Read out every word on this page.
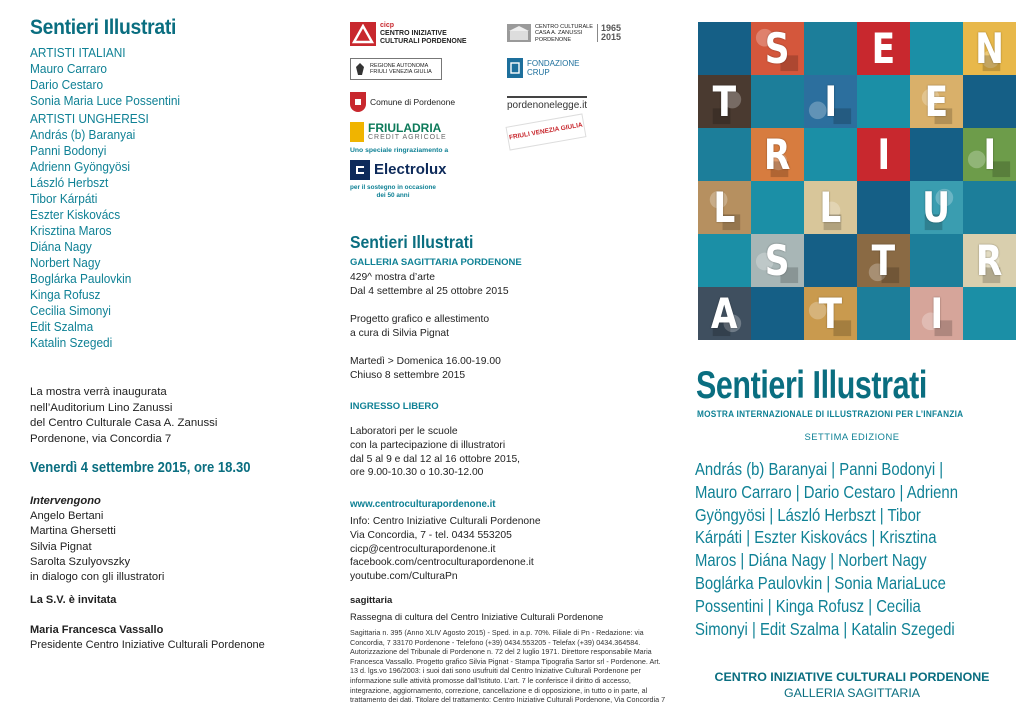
Sentieri Illustrati
ARTISTI ITALIANI
Mauro Carraro
Dario Cestaro
Sonia Maria Luce Possentini
ARTISTI UNGHERESI
András (b) Baranyai
Panni Bodonyi
Adrienn Gyöngyösi
László Herbszt
Tibor Kárpáti
Eszter Kiskovács
Krisztina Maros
Diána Nagy
Norbert Nagy
Boglárka Paulovkin
Kinga Rofusz
Cecilia Simonyi
Edit Szalma
Katalin Szegedi
La mostra verrà inaugurata
nell’Auditorium Lino Zanussi
del Centro Culturale Casa A. Zanussi
Pordenone, via Concordia 7
Venerdì 4 settembre 2015, ore 18.30
Intervengono
Angelo Bertani
Martina Ghersetti
Silvia Pignat
Sarolta Szulyovszky
in dialogo con gli illustratori
La S.V. è invitata
Maria Francesca Vassallo
Presidente Centro Iniziative Culturali Pordenone
cicp
CENTRO INIZIATIVE
CULTURALI PORDENONE
CENTRO CULTURALE
CASA A. ZANUSSI
PORDENONE
1965
2015
REGIONE AUTONOMA
FRIULI VENEZIA GIULIA
FONDAZIONE
CRUP
Comune di Pordenone	pordenonelegge.it
FRIULADRIA
CREDIT AGRICOLE	FRIULI VENEZIA GIULIA
Uno speciale ringraziamento a
Electrolux
per il sostegno in occasione
dei 50 anni
Sentieri Illustrati
GALLERIA SAGITTARIA PORDENONE
429^ mostra d’arte
Dal 4 settembre al 25 ottobre 2015
Progetto grafico e allestimento
a cura di Silvia Pignat
Martedì > Domenica 16.00-19.00
Chiuso 8 settembre 2015
INGRESSO LIBERO
Laboratori per le scuole
con la partecipazione di illustratori
dal 5 al 9 e dal 12 al 16 ottobre 2015,
ore 9.00-10.30 o 10.30-12.00
www.centroculturapordenone.it
Info: Centro Iniziative Culturali Pordenone
Via Concordia, 7 - tel. 0434 553205
cicp@centroculturapordenone.it
facebook.com/centroculturapordenone.it
youtube.com/CulturaPn
sagittaria
Rassegna di cultura del Centro Iniziative Culturali Pordenone
Sagittaria n. 395 (Anno XLIV Agosto 2015) - Sped. in a.p. 70%. Filiale di Pn - Redazione: via Concordia, 7 33170 Pordenone - Telefono (+39) 0434.553205 - Telefax (+39) 0434.364584. Autorizzazione del Tribunale di Pordenone n. 72 del 2 luglio 1971. Direttore responsabile Maria Francesca Vassallo. Progetto grafico Silvia Pignat - Stampa Tipografia Sartor srl - Pordenone. Art. 13 d. lgs.vo 196/2003: i suoi dati sono usufruiti dal Centro Iniziative Culturali Pordenone per informazione sulle attività promosse dall’Istituto. L’art. 7 le conferisce il diritto di accesso, integrazione, aggiornamento, correzione, cancellazione e di opposizione, in tutto o in parte, al trattamento dei dati. Titolare del trattamento: Centro Iniziative Culturali Pordenone, Via Concordia 7
S E N
T I E
R I I
L L U
S T R
A T I
Sentieri Illustrati
MOSTRA INTERNAZIONALE DI ILLUSTRAZIONI PER L’INFANZIA
SETTIMA EDIZIONE
András (b) Baranyai | Panni Bodonyi |
Mauro Carraro | Dario Cestaro | Adrienn
Gyöngyösi | László Herbszt | Tibor
Kárpáti | Eszter Kiskovács | Krisztina
Maros | Diána Nagy | Norbert Nagy
Boglárka Paulovkin | Sonia MariaLuce
Possentini | Kinga Rofusz | Cecilia
Simonyi | Edit Szalma | Katalin Szegedi
CENTRO INIZIATIVE CULTURALI PORDENONE
GALLERIA SAGITTARIA
